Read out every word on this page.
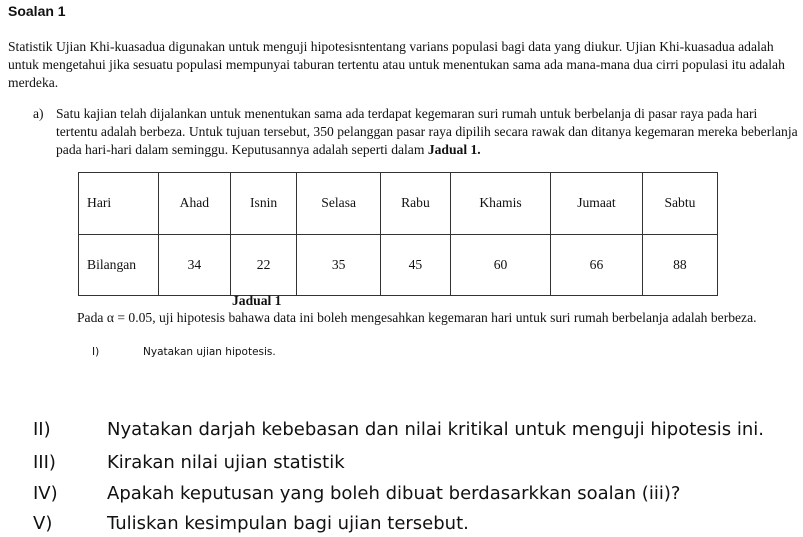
Soalan 1
Statistik Ujian Khi-kuasadua digunakan untuk menguji hipotesisntentang varians populasi bagi data yang diukur. Ujian Khi-kuasadua adalah untuk mengetahui jika sesuatu populasi mempunyai taburan tertentu atau untuk menentukan sama ada mana-mana dua cirri populasi itu adalah merdeka.
a) Satu kajian telah dijalankan untuk menentukan sama ada terdapat kegemaran suri rumah untuk berbelanja di pasar raya pada hari tertentu adalah berbeza. Untuk tujuan tersebut, 350 pelanggan pasar raya dipilih secara rawak dan ditanya kegemaran mereka beberlanja pada hari-hari dalam seminggu. Keputusannya adalah seperti dalam Jadual 1.
Hari	Ahad	Isnin	Selasa	Rabu	Khamis	Jumaat	Sabtu
Bilangan	34	22	35	45	60	66	88
Jadual 1
Pada α = 0.05, uji hipotesis bahawa data ini boleh mengesahkan kegemaran hari untuk suri rumah berbelanja adalah berbeza.
I)	Nyatakan ujian hipotesis.
II)	Nyatakan darjah kebebasan dan nilai kritikal untuk menguji hipotesis ini.
III)	Kirakan nilai ujian statistik
IV)	Apakah keputusan yang boleh dibuat berdasarkkan soalan (iii)?
V)	Tuliskan kesimpulan bagi ujian tersebut.
